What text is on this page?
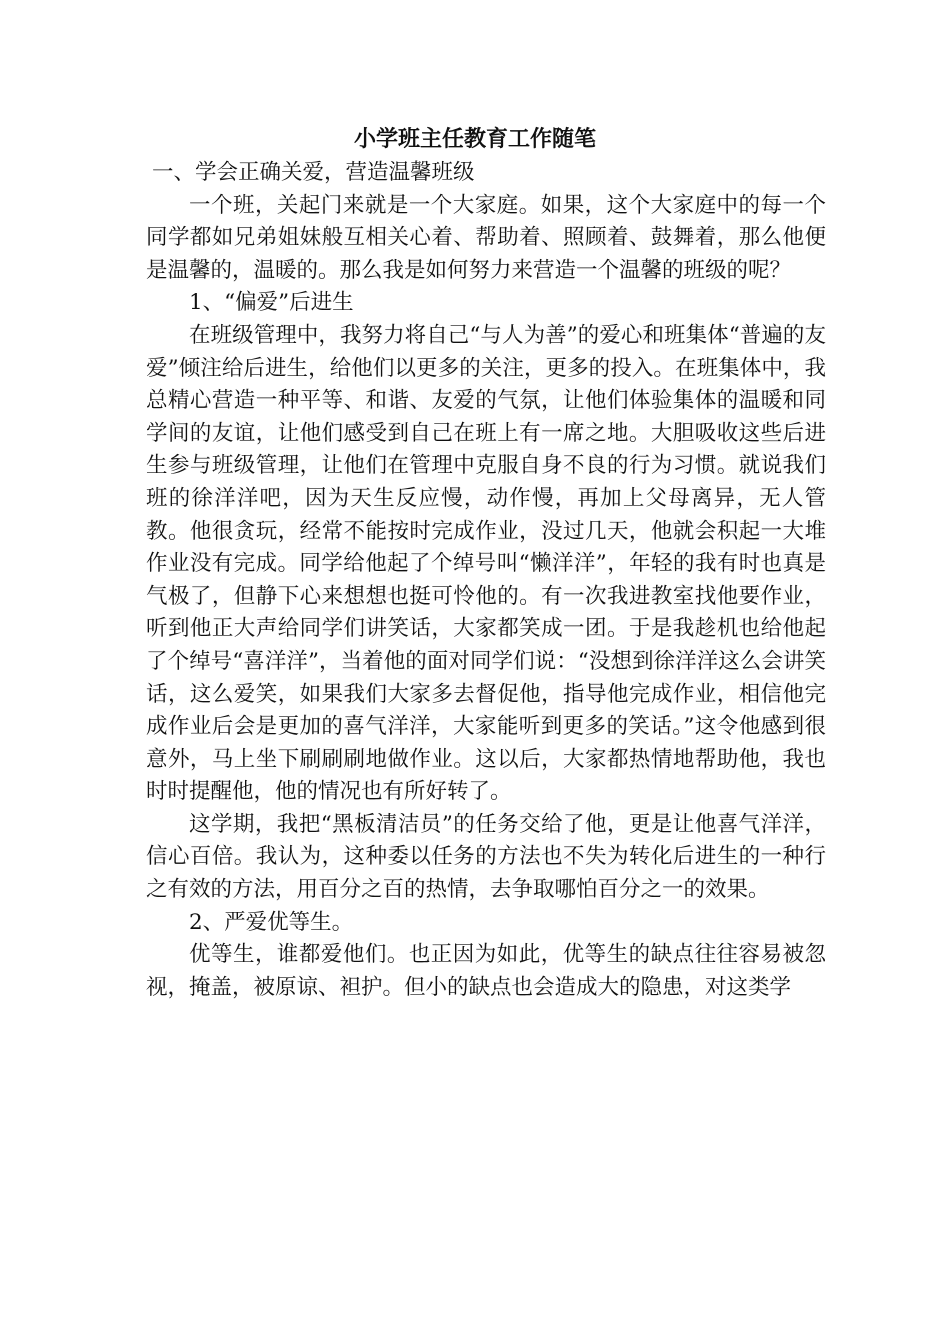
小学班主任教育工作随笔

一、学会正确关爱，营造温馨班级

一个班，关起门来就是一个大家庭。如果，这个大家庭中的每一个同学都如兄弟姐妹般互相关心着、帮助着、照顾着、鼓舞着，那么他便是温馨的，温暖的。那么我是如何努力来营造一个温馨的班级的呢？

1、“偏爱”后进生

在班级管理中，我努力将自己“与人为善”的爱心和班集体“普遍的友爱”倾注给后进生，给他们以更多的关注，更多的投入。在班集体中，我总精心营造一种平等、和谐、友爱的气氛，让他们体验集体的温暖和同学间的友谊，让他们感受到自己在班上有一席之地。大胆吸收这些后进生参与班级管理，让他们在管理中克服自身不良的行为习惯。就说我们班的徐洋洋吧，因为天生反应慢，动作慢，再加上父母离异，无人管教。他很贪玩，经常不能按时完成作业，没过几天，他就会积起一大堆作业没有完成。同学给他起了个绰号叫“懒洋洋”，年轻的我有时也真是气极了，但静下心来想想也挺可怜他的。有一次我进教室找他要作业，听到他正大声给同学们讲笑话，大家都笑成一团。于是我趁机也给他起了个绰号“喜洋洋”，当着他的面对同学们说：“没想到徐洋洋这么会讲笑话，这么爱笑，如果我们大家多去督促他，指导他完成作业，相信他完成作业后会是更加的喜气洋洋，大家能听到更多的笑话。”这令他感到很意外，马上坐下刷刷刷地做作业。这以后，大家都热情地帮助他，我也时时提醒他，他的情况也有所好转了。

这学期，我把“黑板清洁员”的任务交给了他，更是让他喜气洋洋，信心百倍。我认为，这种委以任务的方法也不失为转化后进生的一种行之有效的方法，用百分之百的热情，去争取哪怕百分之一的效果。

2、严爱优等生。

优等生，谁都爱他们。也正因为如此，优等生的缺点往往容易被忽视，掩盖，被原谅、袒护。但小的缺点也会造成大的隐患，对这类学
